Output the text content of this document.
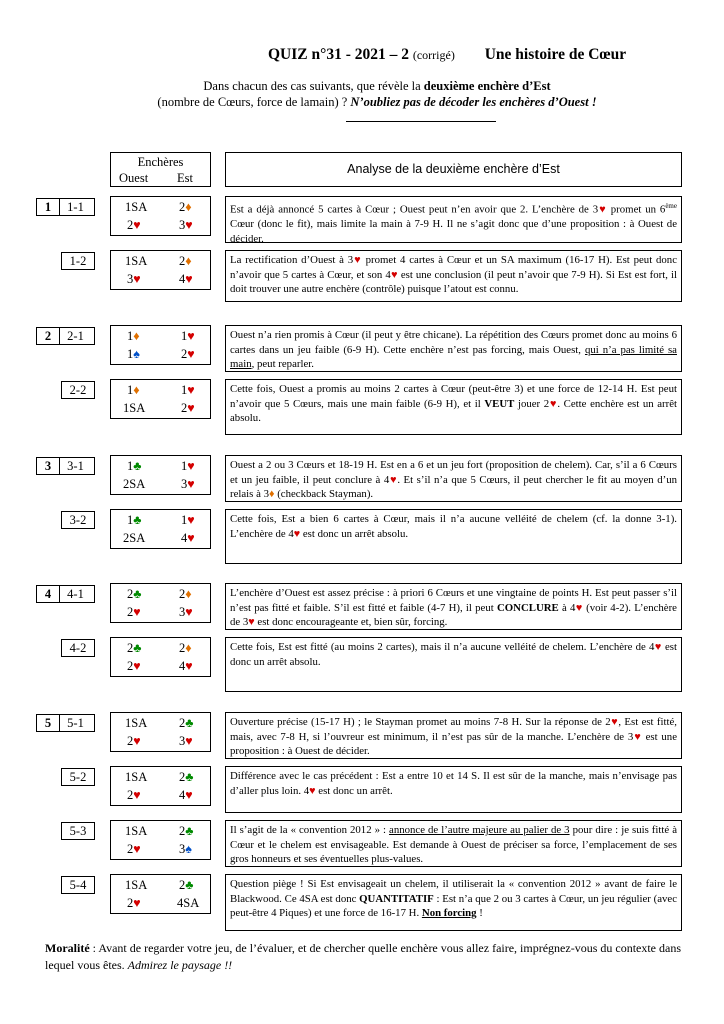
QUIZ n°31 - 2021 – 2 (corrigé) Une histoire de Cœur
Dans chacun des cas suivants, que révèle la deuxième enchère d’Est
(nombre de Cœurs, force de lamain) ? N’oubliez pas de décoder les enchères d’Ouest !
Enchères
Ouest Est
Analyse de la deuxième enchère d’Est
1	1-1	1SA	2♦
2♥	3♥
Est a déjà annoncé 5 cartes à Cœur ; Ouest peut n’en avoir que 2. L’enchère de 3♥ promet un 6ème Cœur (donc le fit), mais limite la main à 7-9 H. Il ne s’agit donc que d’une proposition : à Ouest de décider.
1-2	1SA	2♦
3♥	4♥
La rectification d’Ouest à 3♥ promet 4 cartes à Cœur et un SA maximum (16-17 H). Est peut donc n’avoir que 5 cartes à Cœur, et son 4♥ est une conclusion (il peut n’avoir que 7-9 H). Si Est est fort, il doit trouver une autre enchère (contrôle) puisque l’atout est connu.
2	2-1	1♦	1♥
1♠	2♥
Ouest n’a rien promis à Cœur (il peut y être chicane). La répétition des Cœurs promet donc au moins 6 cartes dans un jeu faible (6-9 H). Cette enchère n’est pas forcing, mais Ouest, qui n’a pas limité sa main, peut reparler.
2-2	1♦	1♥
1SA	2♥
Cette fois, Ouest a promis au moins 2 cartes à Cœur (peut-être 3) et une force de 12-14 H. Est peut n’avoir que 5 Cœurs, mais une main faible (6-9 H), et il VEUT jouer 2♥. Cette enchère est un arrêt absolu.
3	3-1	1♣	1♥
2SA	3♥
Ouest a 2 ou 3 Cœurs et 18-19 H. Est en a 6 et un jeu fort (proposition de chelem). Car, s’il a 6 Cœurs et un jeu faible, il peut conclure à 4♥. Et s’il n’a que 5 Cœurs, il peut chercher le fit au moyen d’un relais à 3♦ (checkback Stayman).
3-2	1♣	1♥
2SA	4♥
Cette fois, Est a bien 6 cartes à Cœur, mais il n’a aucune velléité de chelem (cf. la donne 3-1). L’enchère de 4♥ est donc un arrêt absolu.
4	4-1	2♣	2♦
2♥	3♥
L’enchère d’Ouest est assez précise : à priori 6 Cœurs et une vingtaine de points H. Est peut passer s’il n’est pas fitté et faible. S’il est fitté et faible (4-7 H), il peut CONCLURE à 4♥ (voir 4-2). L’enchère de 3♥ est donc encourageante et, bien sûr, forcing.
4-2	2♣	2♦
2♥	4♥
Cette fois, Est est fitté (au moins 2 cartes), mais il n’a aucune velléité de chelem. L’enchère de 4♥ est donc un arrêt absolu.
5	5-1	1SA	2♣
2♥	3♥
Ouverture précise (15-17 H) ; le Stayman promet au moins 7-8 H. Sur la réponse de 2♥, Est est fitté, mais, avec 7-8 H, si l’ouvreur est minimum, il n’est pas sûr de la manche. L’enchère de 3♥ est une proposition : à Ouest de décider.
5-2	1SA	2♣
2♥	4♥
Différence avec le cas précédent : Est a entre 10 et 14 S. Il est sûr de la manche, mais n’envisage pas d’aller plus loin. 4♥ est donc un arrêt.
5-3	1SA	2♣
2♥	3♠
Il s’agit de la « convention 2012 » : annonce de l’autre majeure au palier de 3 pour dire : je suis fitté à Cœur et le chelem est envisageable. Est demande à Ouest de préciser sa force, l’emplacement de ses gros honneurs et ses éventuelles plus-values.
5-4	1SA	2♣
2♥	4SA
Question piège ! Si Est envisageait un chelem, il utiliserait la « convention 2012 » avant de faire le Blackwood. Ce 4SA est donc QUANTITATIF : Est n’a que 2 ou 3 cartes à Cœur, un jeu régulier (avec peut-être 4 Piques) et une force de 16-17 H. Non forcing !
Moralité : Avant de regarder votre jeu, de l’évaluer, et de chercher quelle enchère vous allez faire, imprégnez-vous du contexte dans lequel vous êtes. Admirez le paysage !!
